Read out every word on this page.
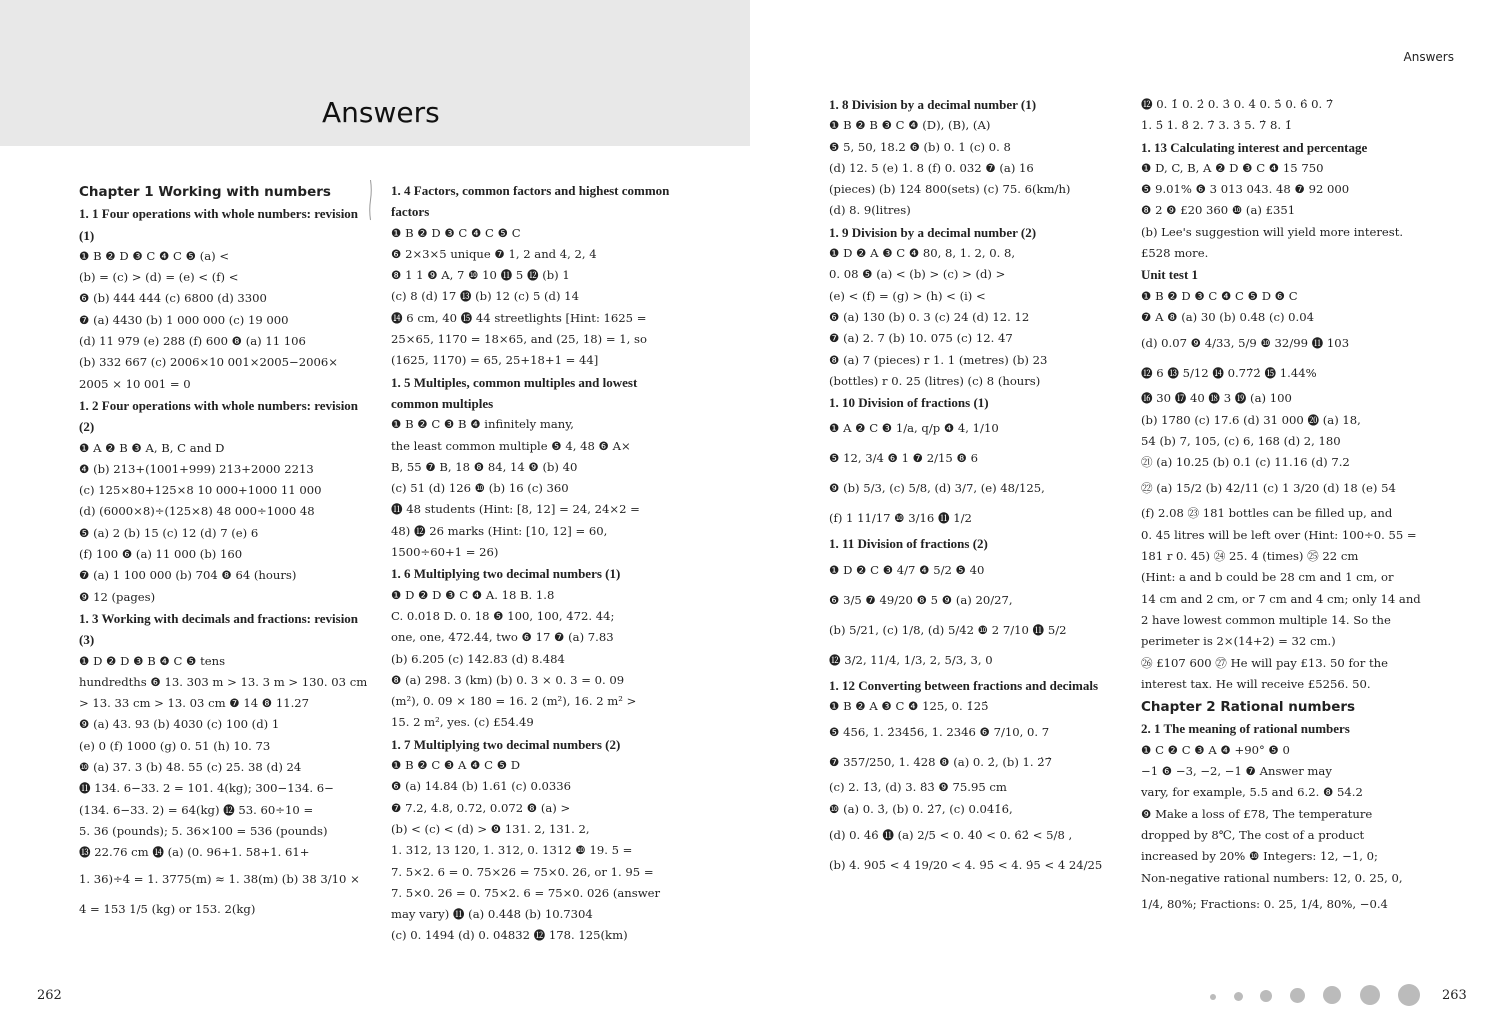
Answers
Chapter 1 Working with numbers
1. 1 Four operations with whole numbers: revision (1)
❶ B ❷ D ❸ C ❹ C ❺ (a) <
(b) = (c) > (d) = (e) < (f) <
❻ (b) 444 444 (c) 6800 (d) 3300
❼ (a) 4430 (b) 1 000 000 (c) 19 000
(d) 11 979 (e) 288 (f) 600 ❽ (a) 11 106
(b) 332 667 (c) 2006×10 001×2005−2006×
2005 × 10 001 = 0
1. 2 Four operations with whole numbers: revision (2)
❶ A ❷ B ❸ A, B, C and D
❹ (b) 213+(1001+999) 213+2000 2213
(c) 125×80+125×8 10 000+1000 11 000
(d) (6000×8)÷(125×8) 48 000÷1000 48
❺ (a) 2 (b) 15 (c) 12 (d) 7 (e) 6
(f) 100 ❻ (a) 11 000 (b) 160
❼ (a) 1 100 000 (b) 704 ❽ 64 (hours)
❾ 12 (pages)
1. 3 Working with decimals and fractions: revision (3)
❶ D ❷ D ❸ B ❹ C ❺ tens
hundredths ❻ 13. 303 m > 13. 3 m > 130. 03 cm
> 13. 33 cm > 13. 03 cm ❼ 14 ❽ 11.27
❾ (a) 43. 93 (b) 4030 (c) 100 (d) 1
(e) 0 (f) 1000 (g) 0. 51 (h) 10. 73
❿ (a) 37. 3 (b) 48. 55 (c) 25. 38 (d) 24
⓫ 134. 6−33. 2 = 101. 4(kg); 300−134. 6−
(134. 6−33. 2) = 64(kg) ⓬ 53. 60÷10 =
5. 36 (pounds); 5. 36×100 = 536 (pounds)
⓭ 22.76 cm ⓮ (a) (0. 96+1. 58+1. 61+
1. 36)÷4 = 1. 3775(m) ≈ 1. 38(m) (b) 38 3/10 ×
4 = 153 1/5 (kg) or 153. 2(kg)
1. 4 Factors, common factors and highest common factors
❶ B ❷ D ❸ C ❹ C ❺ C
❻ 2×3×5 unique ❼ 1, 2 and 4, 2, 4
❽ 1 1 ❾ A, 7 ❿ 10 ⓫ 5 ⓬ (b) 1
(c) 8 (d) 17 ⓭ (b) 12 (c) 5 (d) 14
⓮ 6 cm, 40 ⓯ 44 streetlights [Hint: 1625 =
25×65, 1170 = 18×65, and (25, 18) = 1, so
(1625, 1170) = 65, 25+18+1 = 44]
1. 5 Multiples, common multiples and lowest common multiples
❶ B ❷ C ❸ B ❹ infinitely many,
the least common multiple ❺ 4, 48 ❻ A×
B, 55 ❼ B, 18 ❽ 84, 14 ❾ (b) 40
(c) 51 (d) 126 ❿ (b) 16 (c) 360
⓫ 48 students (Hint: [8, 12] = 24, 24×2 =
48) ⓬ 26 marks (Hint: [10, 12] = 60,
1500÷60+1 = 26)
1. 6 Multiplying two decimal numbers (1)
❶ D ❷ D ❸ C ❹ A. 18 B. 1.8
C. 0.018 D. 0. 18 ❺ 100, 100, 472. 44;
one, one, 472.44, two ❻ 17 ❼ (a) 7.83
(b) 6.205 (c) 142.83 (d) 8.484
❽ (a) 298. 3 (km) (b) 0. 3 × 0. 3 = 0. 09
(m²), 0. 09 × 180 = 16. 2 (m²), 16. 2 m² >
15. 2 m², yes. (c) £54.49
1. 7 Multiplying two decimal numbers (2)
❶ B ❷ C ❸ A ❹ C ❺ D
❻ (a) 14.84 (b) 1.61 (c) 0.0336
❼ 7.2, 4.8, 0.72, 0.072 ❽ (a) >
(b) < (c) < (d) > ❾ 131. 2, 131. 2,
1. 312, 13 120, 1. 312, 0. 1312 ❿ 19. 5 =
7. 5×2. 6 = 0. 75×26 = 75×0. 26, or 1. 95 =
7. 5×0. 26 = 0. 75×2. 6 = 75×0. 026 (answer
may vary) ⓫ (a) 0.448 (b) 10.7304
(c) 0. 1494 (d) 0. 04832 ⓬ 178. 125(km)
262
Answers
1. 8 Division by a decimal number (1)
❶ B ❷ B ❸ C ❹ (D), (B), (A)
❺ 5, 50, 18.2 ❻ (b) 0. 1 (c) 0. 8
(d) 12. 5 (e) 1. 8 (f) 0. 032 ❼ (a) 16
(pieces) (b) 124 800(sets) (c) 75. 6(km/h)
(d) 8. 9(litres)
1. 9 Division by a decimal number (2)
❶ D ❷ A ❸ C ❹ 80, 8, 1. 2, 0. 8,
0. 08 ❺ (a) < (b) > (c) > (d) >
(e) < (f) = (g) > (h) < (i) <
❻ (a) 130 (b) 0. 3 (c) 24 (d) 12. 12
❼ (a) 2. 7 (b) 10. 075 (c) 12. 47
❽ (a) 7 (pieces) r 1. 1 (metres) (b) 23
(bottles) r 0. 25 (litres) (c) 8 (hours)
1. 10 Division of fractions (1)
❶ A ❷ C ❸ 1/a, q/p ❹ 4, 1/10
❺ 12, 3/4 ❻ 1 ❼ 2/15 ❽ 6
❾ (b) 5/3, (c) 5/8, (d) 3/7, (e) 48/125,
(f) 1 11/17 ❿ 3/16 ⓫ 1/2
1. 11 Division of fractions (2)
❶ D ❷ C ❸ 4/7 ❹ 5/2 ❺ 40
❻ 3/5 ❼ 49/20 ❽ 5 ❾ (a) 20/27,
(b) 5/21, (c) 1/8, (d) 5/42 ❿ 2 7/10 ⓫ 5/2
⓬ 3/2, 11/4, 1/3, 2, 5/3, 3, 0
1. 12 Converting between fractions and decimals
❶ B ❷ A ❸ C ❹ 125, 0. 1̇25̇
❺ 456, 1. 2̇345̇6, 1. 2346 ❻ 7/10, 0. 7
❼ 357/250, 1. 428 ❽ (a) 0. 2̇, (b) 1. 2̇7̇
(c) 2. 1̇3̇, (d) 3. 8̇3̇ ❾ 75.95 cm
❿ (a) 0. 3̇, (b) 0. 2̇7̇, (c) 0.041̇6̇,
(d) 0. 4̇6̇ ⓫ (a) 2/5 < 0. 4̇0̇ < 0. 6̇2̇ < 5/8 ,
(b) 4. 9̇05̇ < 4 19/20 < 4. 9̇5̇ < 4. 9̇5 < 4 24/25
⓬ 0. 1̇ 0. 2̇ 0. 3̇ 0. 4̇ 0. 5̇ 0. 6̇ 0. 7̇
1. 5̇ 1. 8̇ 2. 7̇ 3. 3̇ 5. 7̇ 8. 1̇
1. 13 Calculating interest and percentage
❶ D, C, B, A ❷ D ❸ C ❹ 15 750
❺ 9.01% ❻ 3 013 043. 48 ❼ 92 000
❽ 2 ❾ £20 360 ❿ (a) £351
(b) Lee's suggestion will yield more interest.
£528 more.
Unit test 1
❶ B ❷ D ❸ C ❹ C ❺ D ❻ C
❼ A ❽ (a) 30 (b) 0.48 (c) 0.04
(d) 0.07 ❾ 4/33, 5/9 ❿ 32/99 ⓫ 103
⓬ 6 ⓭ 5/12 ⓮ 0.77̇2̇ ⓯ 1.44%
⓰ 30 ⓱ 40 ⓲ 3 ⓳ (a) 100
(b) 1780 (c) 17.6 (d) 31 000 ⓴ (a) 18,
54 (b) 7, 105, (c) 6, 168 (d) 2, 180
㉑ (a) 10.25 (b) 0.1 (c) 11.16 (d) 7.2
㉒ (a) 15/2 (b) 42/11 (c) 1 3/20 (d) 18 (e) 54
(f) 2.08 ㉓ 181 bottles can be filled up, and
0. 45 litres will be left over (Hint: 100÷0. 55 =
181 r 0. 45) ㉔ 25. 4 (times) ㉕ 22 cm
(Hint: a and b could be 28 cm and 1 cm, or
14 cm and 2 cm, or 7 cm and 4 cm; only 14 and
2 have lowest common multiple 14. So the
perimeter is 2×(14+2) = 32 cm.)
㉖ £107 600 ㉗ He will pay £13. 50 for the
interest tax. He will receive £5256. 50.
Chapter 2 Rational numbers
2. 1 The meaning of rational numbers
❶ C ❷ C ❸ A ❹ +90° ❺ 0
−1 ❻ −3, −2, −1 ❼ Answer may
vary, for example, 5.5 and 6.2. ❽ 54.2
❾ Make a loss of £78, The temperature
dropped by 8℃, The cost of a product
increased by 20% ❿ Integers: 12, −1, 0;
Non-negative rational numbers: 12, 0. 25, 0,
1/4, 80%; Fractions: 0. 25, 1/4, 80%, −0.4
263
